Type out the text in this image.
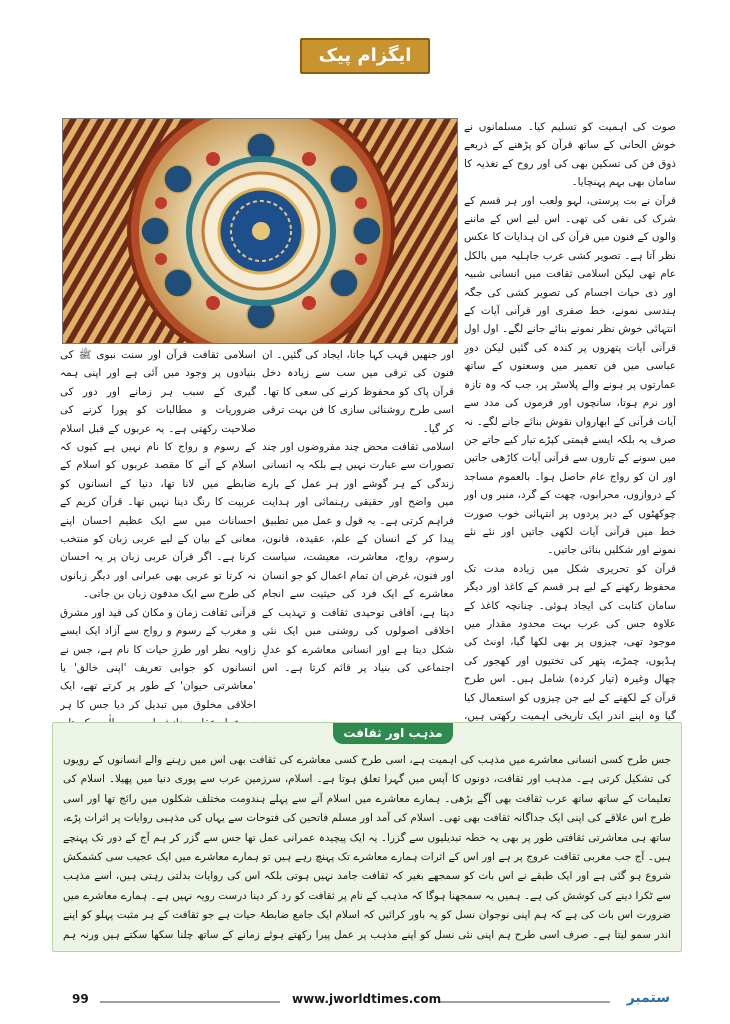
ایگزام پیک

صوت کی اہمیت کو تسلیم کیا۔ مسلمانوں نے خوش الحانی کے ساتھ قرآن کو پڑھنے کے ذریعے ذوق فن کی تسکین بھی کی اور روح کے تغذیہ کا سامان بھی بہم پہنچایا۔

قرآن نے بت پرستی، لہو ولعب اور ہر قسم کے شرک کی نفی کی تھی۔ اس لیے اس کے ماننے والوں کے فنون میں قرآن کی ان ہدایات کا عکس نظر آتا ہے۔ تصویر کشی عرب جاہلیہ میں بالکل عام تھی لیکن اسلامی ثقافت میں انسانی شبیہ اور ذی حیات اجسام کی تصویر کشی کی جگہ ہندسی نمونے، خط صفری اور قرآنی آیات کے انتہائی خوش نظر نمونے بنائے جانے لگے۔ اول اول قرآنی آیات پتھروں پر کندہ کی گئیں لیکن دورِ عباسی میں فن تعمیر میں وسعتوں کے ساتھ عمارتوں پر ہونے والے پلاسٹر پر، جب کہ وہ تازہ اور نرم ہوتا، سانچوں اور فرموں کی مدد سے آیات قرآنی کے ابھارواں نقوش بنائے جانے لگے۔ نہ صرف یہ بلکہ ایسے قیمتی کپڑے تیار کیے جاتے جن میں سونے کے تاروں سے قرآنی آیات کاڑھی جاتیں اور ان کو رواج عام حاصل ہوا۔ بالعموم مساجد کے دروازوں، محرابوں، چھت کے گرد، منبر وں اور چوکھٹوں کے دیر پردوں پر انتہائی خوب صورت خط میں قرآنی آیات لکھی جاتیں اور نئے نئے نمونے اور شکلیں بنائی جاتیں۔

قرآن کو تحریری شکل میں زیادہ مدت تک محفوظ رکھنے کے لیے ہر قسم کے کاغذ اور دیگر سامان کتابت کی ایجاد ہوئی۔ چنانچہ کاغذ کے علاوہ جس کی عرب بہت محدود مقدار میں موجود تھی، چیزوں پر بھی لکھا گیا، اونٹ کی ہڈیوں، چمڑے، پتھر کی تختیوں اور کھجور کی چھال وغیرہ (تیار کردہ) شامل ہیں۔ اس طرح قرآن کے لکھنے کے لیے جن چیزوں کو استعمال کیا گیا وہ اپنے اندر ایک تاریخی اہمیت رکھتی ہیں،

اور جنھیں قہب کہا جاتا، ایجاد کی گئیں۔ ان فنون کی ترقی میں سب سے زیادہ دخل قرآن پاک کو محفوظ کرنے کی سعی کا تھا۔ اسی طرح روشنائی سازی کا فن بہت ترقی کر گیا۔

اسلامی ثقافت محض چند مفروضوں اور چند تصورات سے عبارت نہیں ہے بلکہ یہ انسانی زندگی کے ہر گوشے اور ہر عمل کے بارے میں واضح اور حقیقی رہنمائی اور ہدایت فراہم کرتی ہے۔ یہ قول و عمل میں تطبیق پیدا کر کے انسان کے علم، عقیدہ، قانون، رسوم، رواج، معاشرت، معیشت، سیاست اور فنون، غرض ان تمام اعمال کو جو انسان معاشرے کے ایک فرد کی حیثیت سے انجام دیتا ہے، آفاقی توحیدی ثقافت و تہذیب کے اخلاقی اصولوں کی روشنی میں ایک نئی شکل دیتا ہے اور انسانی معاشرے کو عدلِ اجتماعی کی بنیاد پر قائم کرتا ہے۔ اس

اسلامی ثقافت قرآن اور سنت نبوی ﷺ کی بنیادوں پر وجود میں آئی ہے اور اپنی ہمہ گیری کے سبب ہر زمانے اور دور کی ضروریات و مطالبات کو پورا کرنے کی صلاحیت رکھتی ہے۔ یہ عربوں کے قبل اسلام کے رسوم و رواج کا نام نہیں ہے کیوں کہ اسلام کے آنے کا مقصد عربوں کو اسلام کے ضابطے میں لانا تھا، دنیا کے انسانوں کو عربیت کا رنگ دینا نہیں تھا۔ قرآن کریم کے احسانات میں سے ایک عظیم احسان اپنے معانی کے بیان کے لیے عربی زبان کو منتخب کرنا ہے۔ اگر قرآن عربی زبان پر یہ احسان نہ کرتا تو عربی بھی عبرانی اور دیگر زبانوں کی طرح سے ایک مدفون زبان بن جاتی۔

قرآنی ثقافت زمان و مکان کی قید اور مشرق و مغرب کے رسوم و رواج سے آزاد ایک ایسے زاویہ نظر اور طرزِ حیات کا نام ہے، جس نے انسانوں کو جوابی تعریف 'اپنی خالق' یا 'معاشرتی حیوان' کے طور پر کرتے تھے، ایک اخلاقی مخلوق میں تبدیل کر دیا جس کا ہر

مذہب اور ثقافت
جس طرح کسی انسانی معاشرے میں مذہب کی اہمیت ہے، اسی طرح کسی معاشرے کی ثقافت بھی اس میں رہنے والے انسانوں کے رویوں کی تشکیل کرتی ہے۔ مذہب اور ثقافت، دونوں کا آپس میں گہرا تعلق ہوتا ہے۔ اسلام، سرزمین عرب سے پوری دنیا میں پھیلا۔ اسلام کی تعلیمات کے ساتھ ساتھ عرب ثقافت بھی آگے بڑھی۔ ہمارے معاشرے میں اسلام آنے سے پہلے ہندومت مختلف شکلوں میں رائج تھا اور اسی طرح اس علاقے کی اپنی ایک جداگانہ ثقافت بھی تھی۔ اسلام کی آمد اور مسلم فاتحین کی فتوحات سے یہاں کی مذہبی روایات پر اثرات پڑے، ساتھ ہی معاشرتی ثقافتی طور پر بھی یہ خطہ تبدیلیوں سے گزرا۔ یہ ایک پیچیدہ عمرانی عمل تھا جس سے گزر کر ہم آج کے دور تک پہنچے ہیں۔ آج جب مغربی ثقافت عروج پر ہے اور اس کے اثرات ہمارے معاشرے تک پہنچ رہے ہیں تو ہمارے معاشرے میں ایک عجیب سی کشمکش شروع ہو گئی ہے اور ایک طبقے نے اس بات کو سمجھے بغیر کہ ثقافت جامد نہیں ہوتی بلکہ اس کی روایات بدلتی رہتی ہیں، اسے مذہب سے ٹکرا دینے کی کوشش کی ہے۔ ہمیں یہ سمجھنا ہوگا کہ مذہب کے نام پر ثقافت کو رد کر دینا درست رویہ نہیں ہے۔ ہمارے معاشرے میں ضرورت اس بات کی ہے کہ ہم اپنی نوجوان نسل کو یہ باور کرائیں کہ اسلام ایک جامع ضابطۂ حیات ہے جو ثقافت کے ہر مثبت پہلو کو اپنے اندر سمو لیتا ہے۔ صرف اسی طرح ہم اپنی نئی نسل کو اپنے مذہب پر عمل پیرا رکھتے ہوئے زمانے کے ساتھ چلنا سکھا سکتے ہیں ورنہ ہم
99	www.jworldtimes.com	ستمبر
